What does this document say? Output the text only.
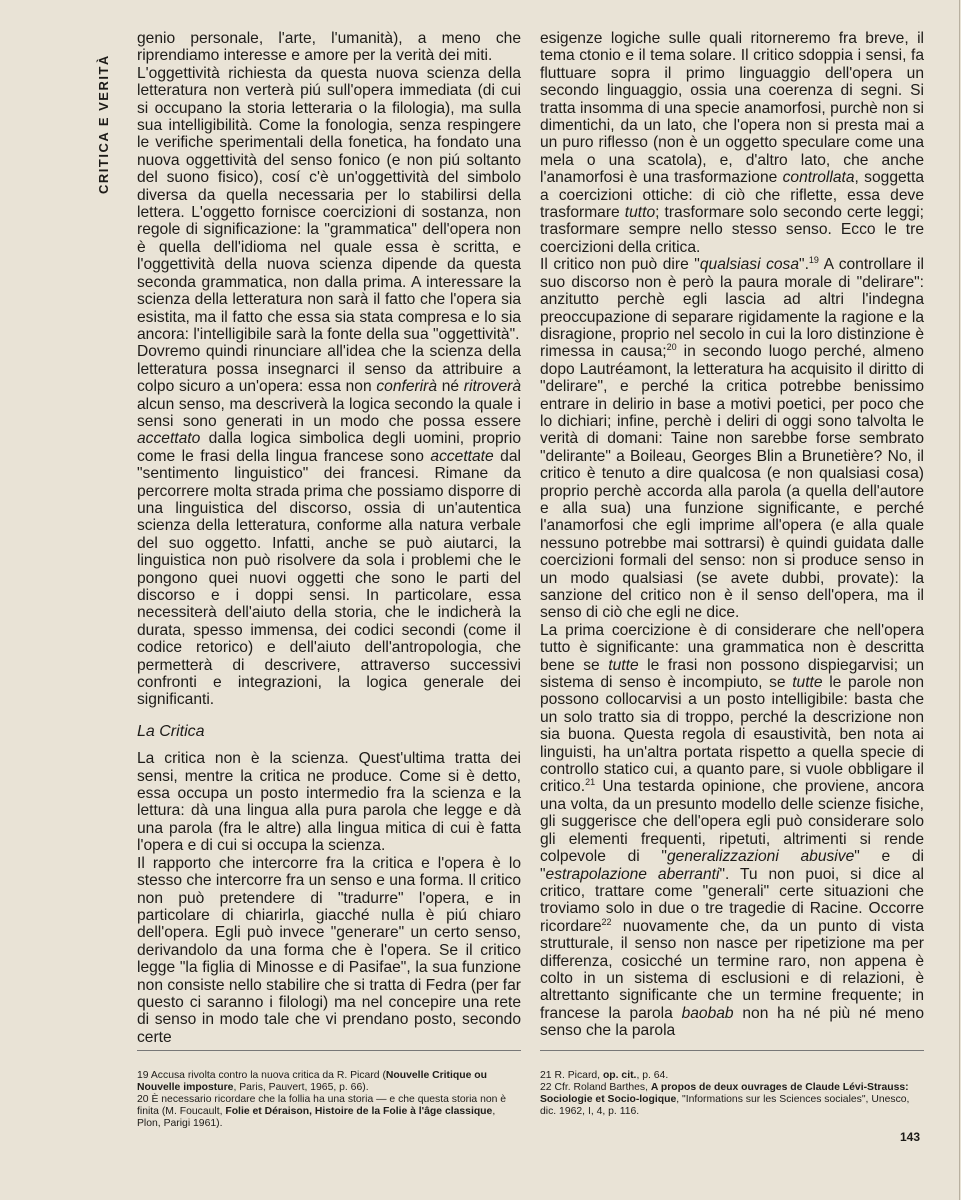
CRITICA E VERITÀ

genio personale, l'arte, l'umanità), a meno che riprendiamo interesse e amore per la verità dei miti.

L'oggettività richiesta da questa nuova scienza della letteratura non verterà piú sull'opera immediata (di cui si occupano la storia letteraria o la filologia), ma sulla sua intelligibilità. Come la fonologia, senza respingere le verifiche sperimentali della fonetica, ha fondato una nuova oggettività del senso fonico (e non piú soltanto del suono fisico), cosí c'è un'oggettività del simbolo diversa da quella necessaria per lo stabilirsi della lettera. L'oggetto fornisce coercizioni di sostanza, non regole di significazione: la "grammatica" dell'opera non è quella dell'idioma nel quale essa è scritta, e l'oggettività della nuova scienza dipende da questa seconda grammatica, non dalla prima. A interessare la scienza della letteratura non sarà il fatto che l'opera sia esistita, ma il fatto che essa sia stata compresa e lo sia ancora: l'intelligibile sarà la fonte della sua "oggettività".

Dovremo quindi rinunciare all'idea che la scienza della letteratura possa insegnarci il senso da attribuire a colpo sicuro a un'opera: essa non conferirà né ritroverà alcun senso, ma descriverà la logica secondo la quale i sensi sono generati in un modo che possa essere accettato dalla logica simbolica degli uomini, proprio come le frasi della lingua francese sono accettate dal "sentimento linguistico" dei francesi. Rimane da percorrere molta strada prima che possiamo disporre di una linguistica del discorso, ossia di un'autentica scienza della letteratura, conforme alla natura verbale del suo oggetto. Infatti, anche se può aiutarci, la linguistica non può risolvere da sola i problemi che le pongono quei nuovi oggetti che sono le parti del discorso e i doppi sensi. In particolare, essa necessiterà dell'aiuto della storia, che le indicherà la durata, spesso immensa, dei codici secondi (come il codice retorico) e dell'aiuto dell'antropologia, che permetterà di descrivere, attraverso successivi confronti e integrazioni, la logica generale dei significanti.

La Critica

La critica non è la scienza. Quest'ultima tratta dei sensi, mentre la critica ne produce. Come si è detto, essa occupa un posto intermedio fra la scienza e la lettura: dà una lingua alla pura parola che legge e dà una parola (fra le altre) alla lingua mitica di cui è fatta l'opera e di cui si occupa la scienza.

Il rapporto che intercorre fra la critica e l'opera è lo stesso che intercorre fra un senso e una forma. Il critico non può pretendere di "tradurre" l'opera, e in particolare di chiarirla, giacché nulla è piú chiaro dell'opera. Egli può invece "generare" un certo senso, derivandolo da una forma che è l'opera. Se il critico legge "la figlia di Minosse e di Pasifae", la sua funzione non consiste nello stabilire che si tratta di Fedra (per far questo ci saranno i filologi) ma nel concepire una rete di senso in modo tale che vi prendano posto, secondo certe

esigenze logiche sulle quali ritorneremo fra breve, il tema ctonio e il tema solare. Il critico sdoppia i sensi, fa fluttuare sopra il primo linguaggio dell'opera un secondo linguaggio, ossia una coerenza di segni. Si tratta insomma di una specie anamorfosi, purchè non si dimentichi, da un lato, che l'opera non si presta mai a un puro riflesso (non è un oggetto speculare come una mela o una scatola), e, d'altro lato, che anche l'anamorfosi è una trasformazione controllata, soggetta a coercizioni ottiche: di ciò che riflette, essa deve trasformare tutto; trasformare solo secondo certe leggi; trasformare sempre nello stesso senso. Ecco le tre coercizioni della critica.

Il critico non può dire "qualsiasi cosa".$^{19}$ A controllare il suo discorso non è però la paura morale di "delirare": anzitutto perchè egli lascia ad altri l'indegna preoccupazione di separare rigidamente la ragione e la disragione, proprio nel secolo in cui la loro distinzione è rimessa in causa;$^{20}$ in secondo luogo perché, almeno dopo Lautréamont, la letteratura ha acquisito il diritto di "delirare", e perché la critica potrebbe benissimo entrare in delirio in base a motivi poetici, per poco che lo dichiari; infine, perchè i deliri di oggi sono talvolta le verità di domani: Taine non sarebbe forse sembrato "delirante" a Boileau, Georges Blin a Brunetière? No, il critico è tenuto a dire qualcosa (e non qualsiasi cosa) proprio perchè accorda alla parola (a quella dell'autore e alla sua) una funzione significante, e perché l'anamorfosi che egli imprime all'opera (e alla quale nessuno potrebbe mai sottrarsi) è quindi guidata dalle coercizioni formali del senso: non si produce senso in un modo qualsiasi (se avete dubbi, provate): la sanzione del critico non è il senso dell'opera, ma il senso di ciò che egli ne dice.

La prima coercizione è di considerare che nell'opera tutto è significante: una grammatica non è descritta bene se tutte le frasi non possono dispiegarvisi; un sistema di senso è incompiuto, se tutte le parole non possono collocarvisi a un posto intelligibile: basta che un solo tratto sia di troppo, perché la descrizione non sia buona. Questa regola di esaustività, ben nota ai linguisti, ha un'altra portata rispetto a quella specie di controllo statico cui, a quanto pare, si vuole obbligare il critico.$^{21}$ Una testarda opinione, che proviene, ancora una volta, da un presunto modello delle scienze fisiche, gli suggerisce che dell'opera egli può considerare solo gli elementi frequenti, ripetuti, altrimenti si rende colpevole di "generalizzazioni abusive" e di "estrapolazione aberranti". Tu non puoi, si dice al critico, trattare come "generali" certe situazioni che troviamo solo in due o tre tragedie di Racine. Occorre ricordare$^{22}$ nuovamente che, da un punto di vista strutturale, il senso non nasce per ripetizione ma per differenza, cosicché un termine raro, non appena è colto in un sistema di esclusioni e di relazioni, è altrettanto significante che un termine frequente; in francese la parola baobab non ha né più né meno senso che la parola

19 Accusa rivolta contro la nuova critica da R. Picard (Nouvelle Critique ou Nouvelle imposture, Paris, Pauvert, 1965, p. 66).

20 È necessario ricordare che la follia ha una storia — e che questa storia non è finita (M. Foucault, Folie et Déraison, Histoire de la Folie à l'âge classique, Plon, Parigi 1961).

21 R. Picard, op. cit., p. 64.

22 Cfr. Roland Barthes, A propos de deux ouvrages de Claude Lévi-Strauss: Sociologie et Socio-logique, "Informations sur les Sciences sociales", Unesco, dic. 1962, I, 4, p. 116.

143
